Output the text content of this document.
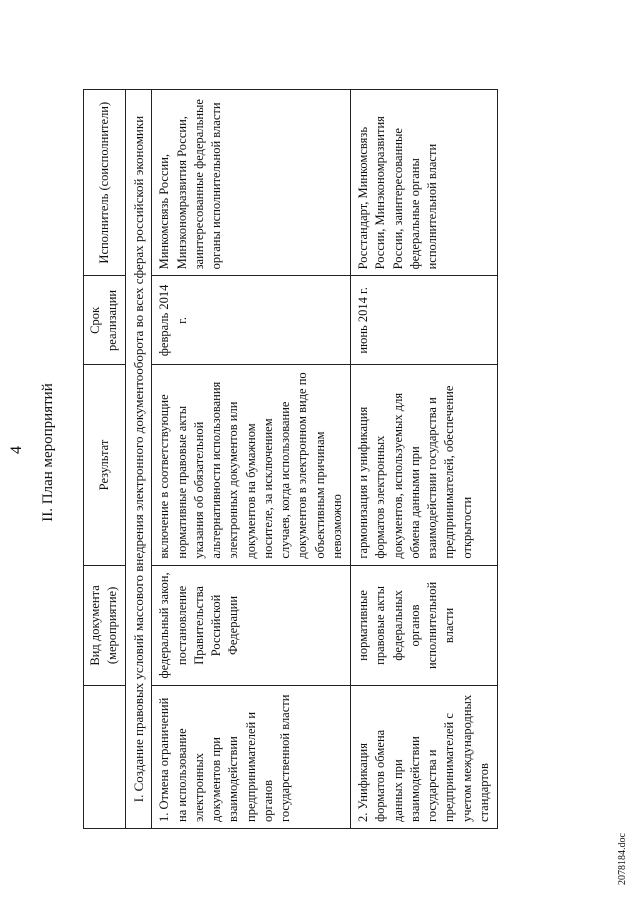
4 II. План мероприятий
	Вид документа (мероприятие)	Результат	Срок реализации	Исполнитель (соисполнители)
I. Создание правовых условий массового внедрения электронного документооборота во всех сферах российской экономики				
1. Отмена ограничений на использование электронных документов при взаимодействии предпринимателей и органов государственной власти	федеральный закон, постановление Правительства Российской Федерации	включение в соответствующие нормативные правовые акты указания об обязательной альтернативности использования электронных документов или документов на бумажном носителе, за исключением случаев, когда использование документов в электронном виде по объективным причинам невозможно	февраль 2014 г.	Минкомсвязь России, Минэкономразвития России, заинтересованные федеральные органы исполнительной власти

2. Унификация форматов обмена данных при взаимодействии государства и предпринимателей с учетом международных стандартов	нормативные правовые акты федеральных органов исполнительной власти	гармонизация и унификация форматов электронных документов, используемых для обмена данными при взаимодействии государства и предпринимателей, обеспечение открытости	июнь 2014 г.	Росстандарт, Минкомсвязь России, Минэкономразвития России, заинтересованные федеральные органы исполнительной власти
2078184.doc
